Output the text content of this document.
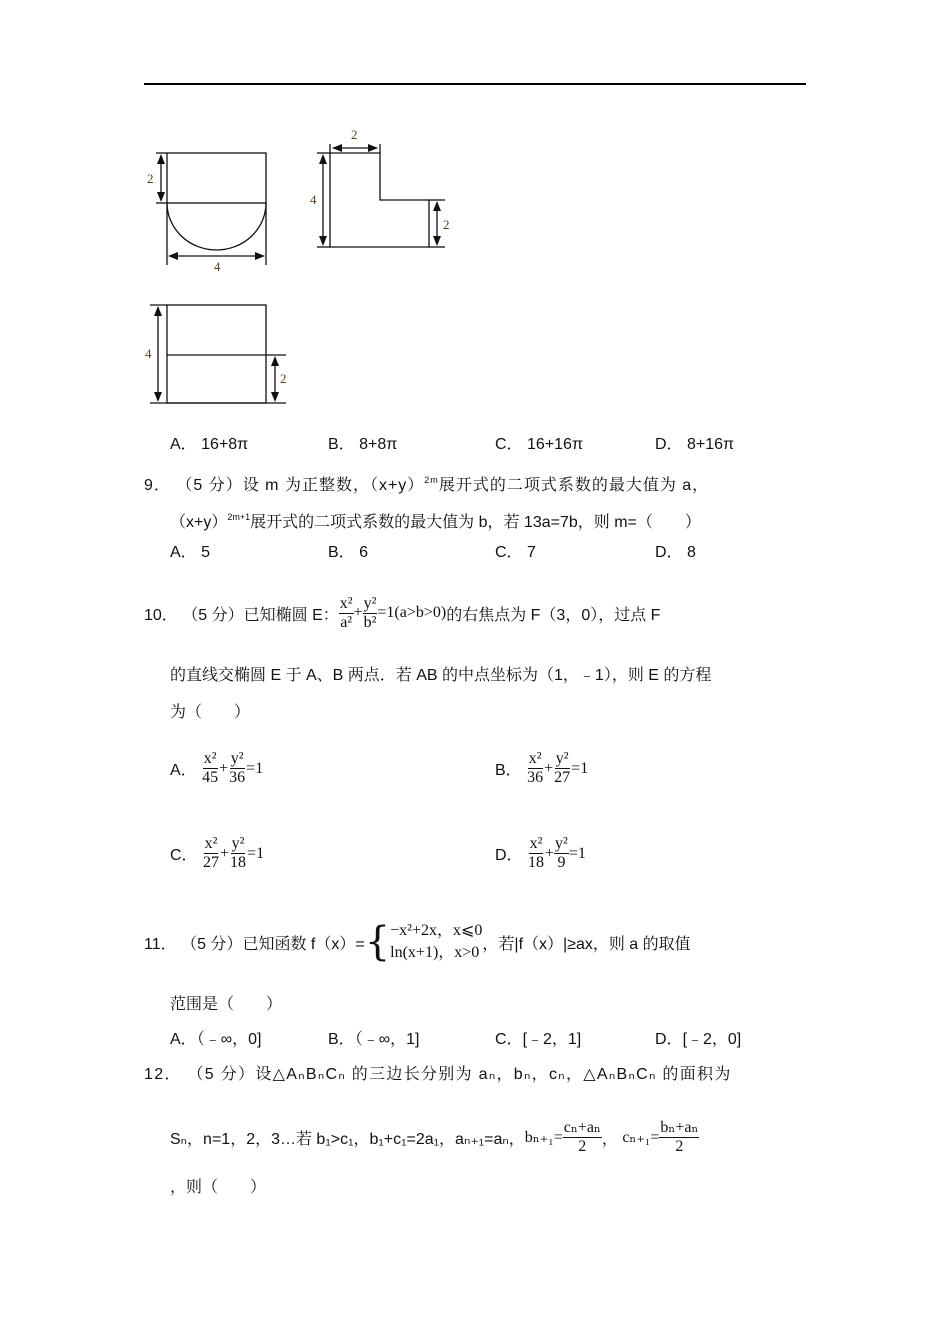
2
4
2
4
2
4
2
A． 16+8π	B． 8+8π	C． 16+16π	D． 8+16π
9． （5 分）设 m 为正整数，$(x+y)^{2m}$展开式的二项式系数的最大值为 a，
$(x+y)^{2m+1}$展开式的二项式系数的最大值为 b，若 13a=7b，则 m=（　　）
A． 5	B． 6	C． 7	D． 8
10．
（5 分） 已知椭圆 E： $\frac{\text{x²}}{\text{a²}} + \frac{\text{y²}}{\text{b²}} =1(a>b>0)$ 的右焦点为 F（3，0），过点 F
的直线交椭圆 E 于 A、B 两点．若 AB 的中点坐标为（1，﹣1），则 E 的方程
为（　　）
A．
$\frac{\text{x²}}{45} + \frac{\text{y²}}{36} =1$	B．
$\frac{\text{x²}}{36} + \frac{\text{y²}}{27} =1$
C．
$\frac{\text{x²}}{27} + \frac{\text{y²}}{18} =1$	D．
$\frac{\text{x²}}{18} + \frac{\text{y²}}{9} =1$
11．
（5 分） 已知函数 f（x）= { −x²+2x，x⩽0
ln(x+1)，x>0 ，若|f（x）|≥ax，则 a 的取值
范围是（　　）
A．（﹣∞，0]	B．（﹣∞，1]	C．[﹣2，1]	D．[﹣2，0]
12． （5 分）设△AₙBₙCₙ 的三边长分别为 aₙ，bₙ，cₙ，△AₙBₙCₙ 的面积为
Sₙ，n=1，2，3…若 b₁>c₁，b₁+c₁=2a₁，aₙ₊₁=aₙ， $b_{n+1}= \frac{\text{cₙ+aₙ}}{2}$ ，
$c_{n+1}= \frac{\text{bₙ+aₙ}}{2}$
，则（　　）
